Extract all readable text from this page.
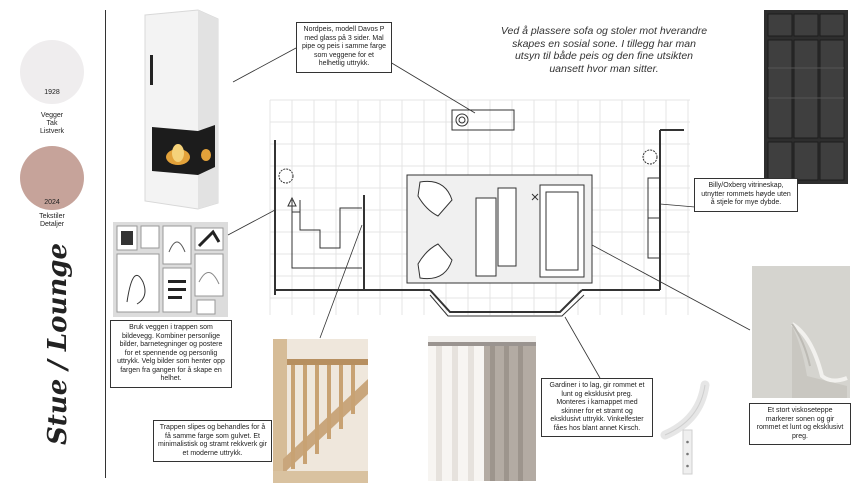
1928
Vegger
Tak
Listverk
2024
Tekstiler
Detaljer
Stue / Lounge
Ved å plassere sofa og stoler mot hverandre skapes en sosial sone. I tillegg har man utsyn til både peis og den fine utsikten uansett hvor man sitter.
Nordpeis, modell Davos P med glass på 3 sider. Mal pipe og peis i samme farge som veggene for et helhetlig uttrykk.
Bruk veggen i trappen som bildevegg. Kombiner personlige bilder, barnetegninger og postere for et spennende og personlig uttrykk. Velg bilder som henter opp fargen fra gangen for å skape en helhet.
Trappen slipes og behandles for å få samme farge som gulvet. Et minimalistisk og stramt rekkverk gir et moderne uttrykk.
Gardiner i to lag, gir rommet et lunt og eksklusivt preg. Monteres i karnappet med skinner for et stramt og eksklusivt uttrykk. Vinkelfester fåes hos blant annet Kirsch.
Billy/Oxberg vitrineskap, utnytter rommets høyde uten å stjele for mye dybde.
Et stort viskoseteppe markerer sonen og gir rommet et lunt og eksklusivt preg.
